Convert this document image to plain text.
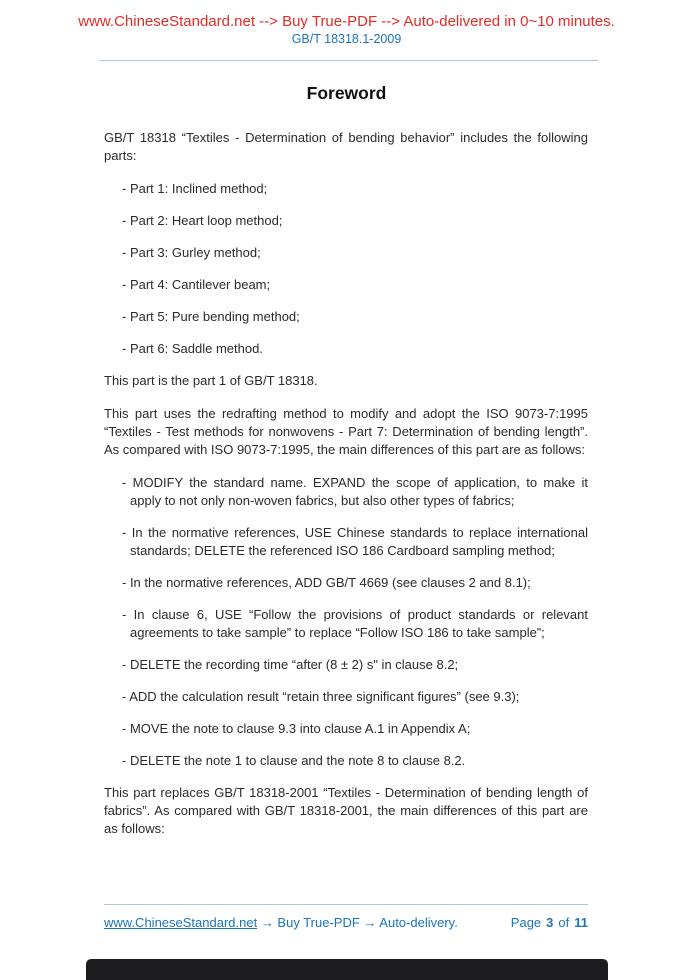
www.ChineseStandard.net --> Buy True-PDF --> Auto-delivered in 0~10 minutes.
GB/T 18318.1-2009
Foreword

GB/T 18318 “Textiles - Determination of bending behavior” includes the following parts:

- Part 1: Inclined method;
- Part 2: Heart loop method;
- Part 3: Gurley method;
- Part 4: Cantilever beam;
- Part 5: Pure bending method;
- Part 6: Saddle method.

This part is the part 1 of GB/T 18318.

This part uses the redrafting method to modify and adopt the ISO 9073-7:1995 “Textiles - Test methods for nonwovens - Part 7: Determination of bending length”. As compared with ISO 9073-7:1995, the main differences of this part are as follows:

- MODIFY the standard name. EXPAND the scope of application, to make it apply to not only non-woven fabrics, but also other types of fabrics;
- In the normative references, USE Chinese standards to replace international standards; DELETE the referenced ISO 186 Cardboard sampling method;
- In the normative references, ADD GB/T 4669 (see clauses 2 and 8.1);
- In clause 6, USE “Follow the provisions of product standards or relevant agreements to take sample” to replace “Follow ISO 186 to take sample”;
- DELETE the recording time “after (8 ± 2) s" in clause 8.2;
- ADD the calculation result “retain three significant figures” (see 9.3);
- MOVE the note to clause 9.3 into clause A.1 in Appendix A;
- DELETE the note 1 to clause and the note 8 to clause 8.2.

This part replaces GB/T 18318-2001 “Textiles - Determination of bending length of fabrics”. As compared with GB/T 18318-2001, the main differences of this part are as follows:

www.ChineseStandard.net → Buy True-PDF → Auto-delivery.	Page 3 of 11
